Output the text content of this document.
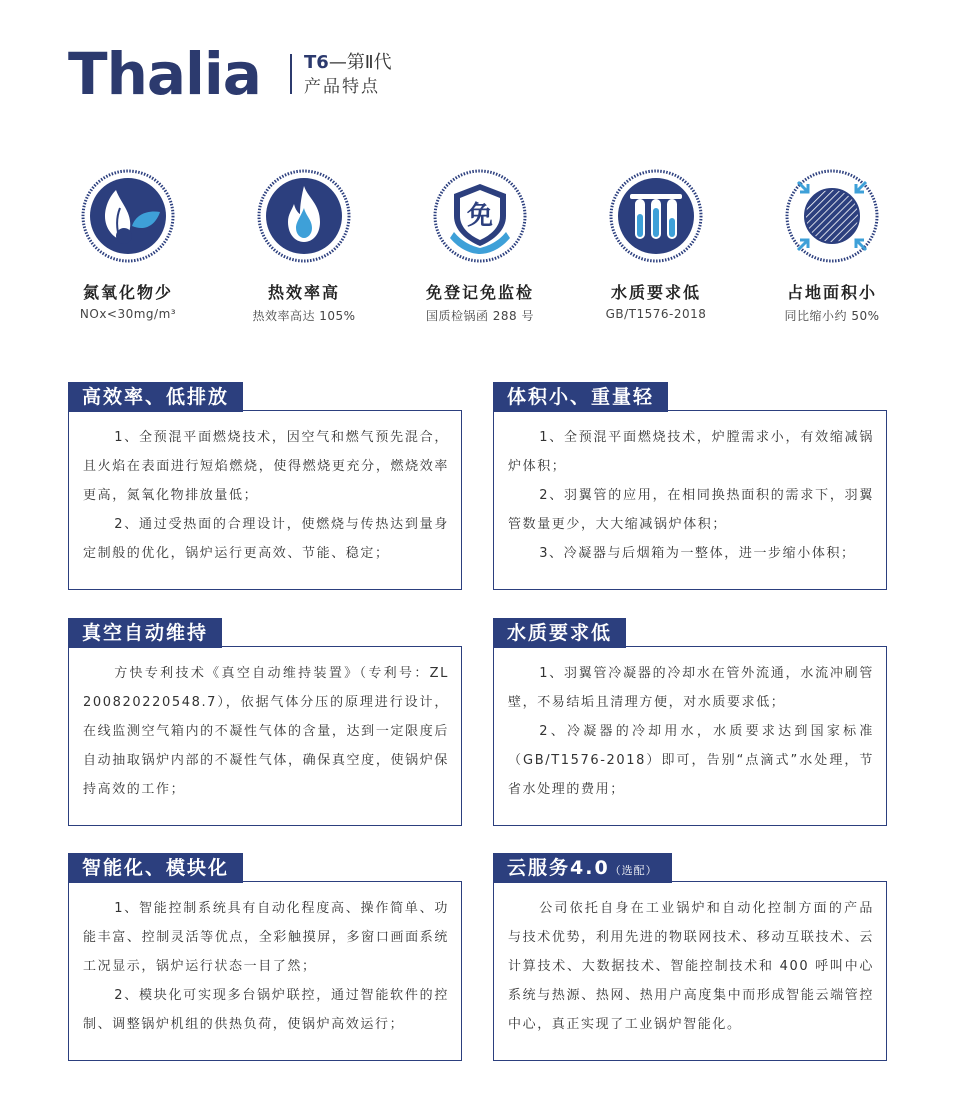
Thalia T6—第Ⅱ代
产品特点
氮氧化物少
NOx<30mg/m³
热效率高
热效率高达 105%
免
免登记免监检
国质检锅函 288 号
水质要求低
GB/T1576-2018
占地面积小
同比缩小约 50%

1、全预混平面燃烧技术，因空气和燃气预先混合，且火焰在表面进行短焰燃烧，使得燃烧更充分，燃烧效率更高，氮氧化物排放量低；

2、通过受热面的合理设计，使燃烧与传热达到量身定制般的优化，锅炉运行更高效、节能、稳定；

高效率、低排放

1、全预混平面燃烧技术，炉膛需求小，有效缩减锅炉体积；

2、羽翼管的应用，在相同换热面积的需求下，羽翼管数量更少，大大缩减锅炉体积；

3、冷凝器与后烟箱为一整体，进一步缩小体积；

体积小、重量轻

方快专利技术《真空自动维持装置》（专利号：ZL 200820220548.7），依据气体分压的原理进行设计，在线监测空气箱内的不凝性气体的含量，达到一定限度后自动抽取锅炉内部的不凝性气体，确保真空度，使锅炉保持高效的工作；

真空自动维持

1、羽翼管冷凝器的冷却水在管外流通，水流冲刷管壁，不易结垢且清理方便，对水质要求低；

2、冷凝器的冷却用水，水质要求达到国家标准（GB/T1576-2018）即可，告别“点滴式”水处理，节省水处理的费用；

水质要求低

1、智能控制系统具有自动化程度高、操作简单、功能丰富、控制灵活等优点，全彩触摸屏，多窗口画面系统工况显示，锅炉运行状态一目了然；

2、模块化可实现多台锅炉联控，通过智能软件的控制、调整锅炉机组的供热负荷，使锅炉高效运行；

智能化、模块化

公司依托自身在工业锅炉和自动化控制方面的产品与技术优势，利用先进的物联网技术、移动互联技术、云计算技术、大数据技术、智能控制技术和 400 呼叫中心系统与热源、热网、热用户高度集中而形成智能云端管控中心，真正实现了工业锅炉智能化。

云服务4.0（选配）
